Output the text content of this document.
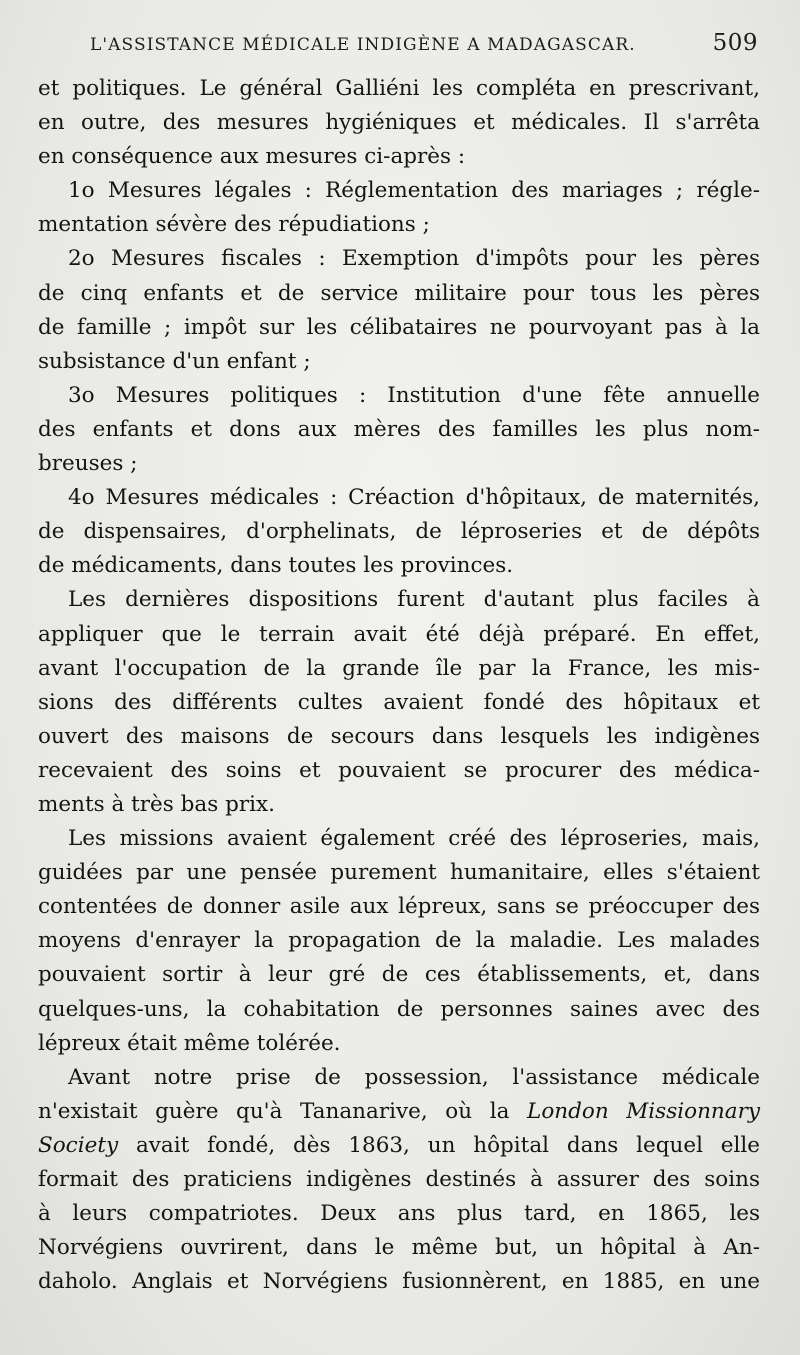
L'ASSISTANCE MÉDICALE INDIGÈNE A MADAGASCAR.	509
et politiques. Le général Galliéni les compléta en prescrivant,
en outre, des mesures hygiéniques et médicales. Il s'arrêta
en conséquence aux mesures ci-après :
1o Mesures légales : Réglementation des mariages ; régle-
mentation sévère des répudiations ;
2o Mesures fiscales : Exemption d'impôts pour les pères
de cinq enfants et de service militaire pour tous les pères
de famille ; impôt sur les célibataires ne pourvoyant pas à la
subsistance d'un enfant ;
3o Mesures politiques : Institution d'une fête annuelle
des enfants et dons aux mères des familles les plus nom-
breuses ;
4o Mesures médicales : Créaction d'hôpitaux, de maternités,
de dispensaires, d'orphelinats, de léproseries et de dépôts
de médicaments, dans toutes les provinces.
Les dernières dispositions furent d'autant plus faciles à
appliquer que le terrain avait été déjà préparé. En effet,
avant l'occupation de la grande île par la France, les mis-
sions des différents cultes avaient fondé des hôpitaux et
ouvert des maisons de secours dans lesquels les indigènes
recevaient des soins et pouvaient se procurer des médica-
ments à très bas prix.
Les missions avaient également créé des léproseries, mais,
guidées par une pensée purement humanitaire, elles s'étaient
contentées de donner asile aux lépreux, sans se préoccuper des
moyens d'enrayer la propagation de la maladie. Les malades
pouvaient sortir à leur gré de ces établissements, et, dans
quelques-uns, la cohabitation de personnes saines avec des
lépreux était même tolérée.
Avant notre prise de possession, l'assistance médicale
n'existait guère qu'à Tananarive, où la London Missionnary
Society avait fondé, dès 1863, un hôpital dans lequel elle
formait des praticiens indigènes destinés à assurer des soins
à leurs compatriotes. Deux ans plus tard, en 1865, les
Norvégiens ouvrirent, dans le même but, un hôpital à An-
daholo. Anglais et Norvégiens fusionnèrent, en 1885, en une
